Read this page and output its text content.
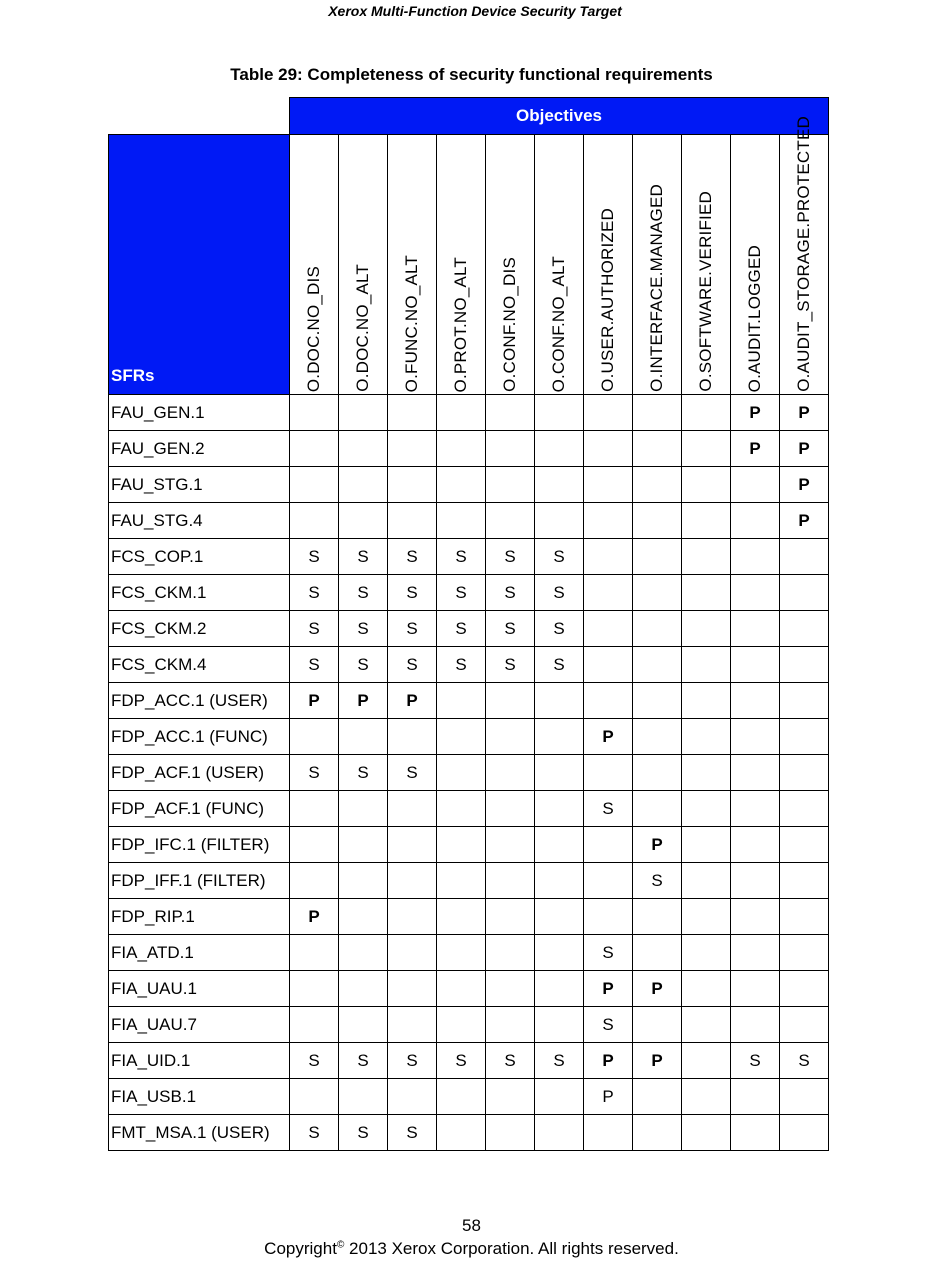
Xerox Multi-Function Device Security Target
Table 29: Completeness of security functional requirements
	Objectives										
SFRs	O.DOC.NO_DIS	O.DOC.NO_ALT	O.FUNC.NO_ALT	O.PROT.NO_ALT	O.CONF.NO_DIS	O.CONF.NO_ALT	O.USER.AUTHORIZED	O.INTERFACE.MANAGED	O.SOFTWARE.VERIFIED	O.AUDIT.LOGGED	O.AUDIT_STORAGE.PROTECTED

FAU_GEN.1										P	P
FAU_GEN.2										P	P
FAU_STG.1											P
FAU_STG.4											P
FCS_COP.1	S	S	S	S	S	S					
FCS_CKM.1	S	S	S	S	S	S					
FCS_CKM.2	S	S	S	S	S	S					
FCS_CKM.4	S	S	S	S	S	S					
FDP_ACC.1 (USER)	P	P	P								
FDP_ACC.1 (FUNC)							P				
FDP_ACF.1 (USER)	S	S	S								
FDP_ACF.1 (FUNC)							S				
FDP_IFC.1 (FILTER)								P			
FDP_IFF.1 (FILTER)								S			
FDP_RIP.1	P										
FIA_ATD.1							S				
FIA_UAU.1							P	P			
FIA_UAU.7							S				
FIA_UID.1	S	S	S	S	S	S	P	P		S	S
FIA_USB.1							P				
FMT_MSA.1 (USER)	S	S	S								
58
Copyright© 2013 Xerox Corporation. All rights reserved.
